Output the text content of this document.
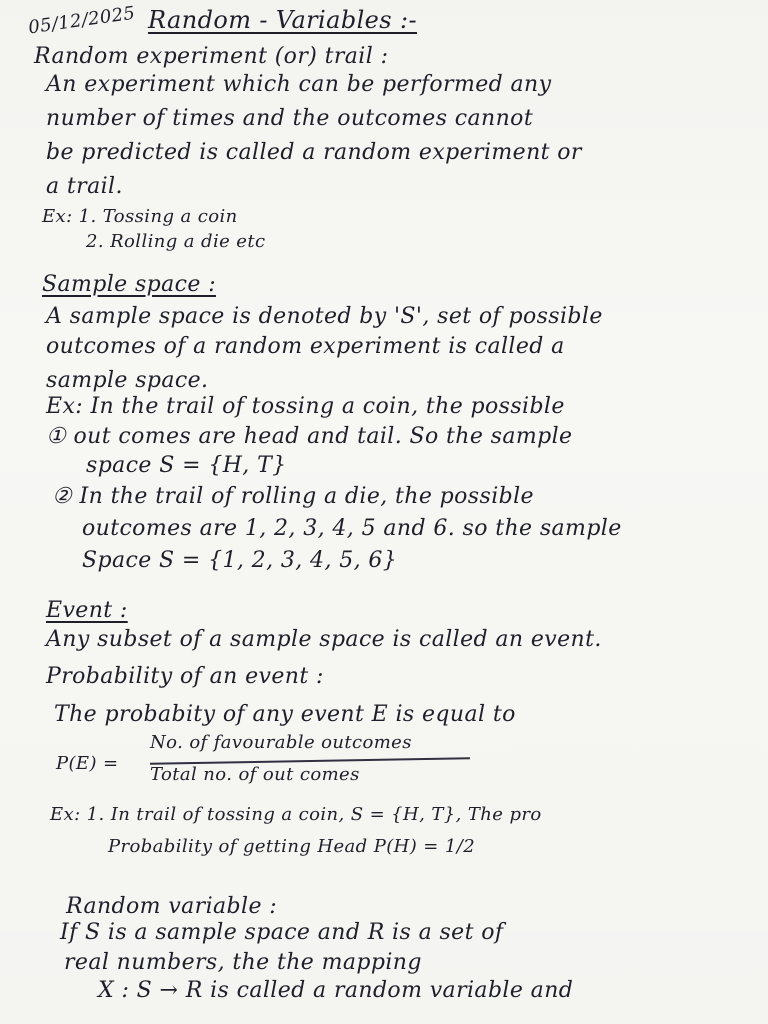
05/12/2025 Random - Variables :-
Random experiment (or) trail :
An experiment which can be performed any
number of times and the outcomes cannot
be predicted is called a random experiment or
a trail.
Ex: 1. Tossing a coin
2. Rolling a die etc
Sample space :
A sample space is denoted by 'S', set of possible
outcomes of a random experiment is called a
sample space.
Ex: In the trail of tossing a coin, the possible
① out comes are head and tail. So the sample
space S = {H, T}
② In the trail of rolling a die, the possible
outcomes are 1, 2, 3, 4, 5 and 6. so the sample
Space S = {1, 2, 3, 4, 5, 6}
Event :
Any subset of a sample space is called an event.
Probability of an event :
The probabity of any event E is equal to
P(E) =
No. of favourable outcomes
Total no. of out comes
Ex: 1. In trail of tossing a coin, S = {H, T}, The pro
Probability of getting Head P(H) = 1/2
Random variable :
If S is a sample space and R is a set of
real numbers, the the mapping
X : S → R is called a random variable and
